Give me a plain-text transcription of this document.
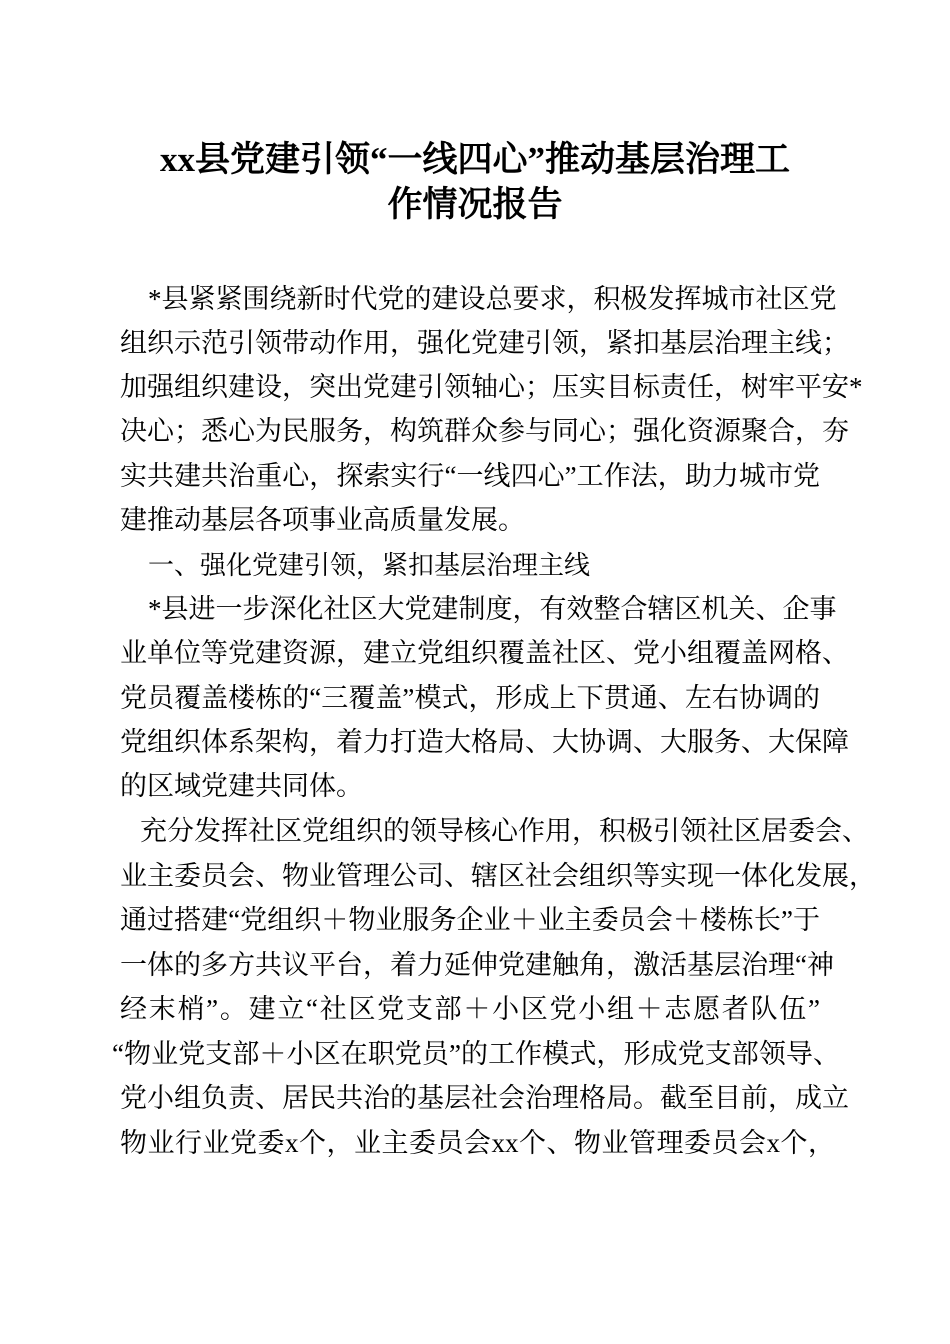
xx县党建引领“一线四心”推动基层治理工
作情况报告
*县紧紧围绕新时代党的建设总要求，积极发挥城市社区党
组织示范引领带动作用，强化党建引领，紧扣基层治理主线；
加强组织建设，突出党建引领轴心；压实目标责任，树牢平安*
决心；悉心为民服务，构筑群众参与同心；强化资源聚合，夯
实共建共治重心，探索实行“一线四心”工作法，助力城市党
建推动基层各项事业高质量发展。
一、强化党建引领，紧扣基层治理主线
*县进一步深化社区大党建制度，有效整合辖区机关、企事
业单位等党建资源，建立党组织覆盖社区、党小组覆盖网格、
党员覆盖楼栋的“三覆盖”模式，形成上下贯通、左右协调的
党组织体系架构，着力打造大格局、大协调、大服务、大保障
的区域党建共同体。
充分发挥社区党组织的领导核心作用，积极引领社区居委会、
业主委员会、物业管理公司、辖区社会组织等实现一体化发展，
通过搭建“党组织＋物业服务企业＋业主委员会＋楼栋长”于
一体的多方共议平台，着力延伸党建触角，激活基层治理“神
经末梢”。建立“社区党支部＋小区党小组＋志愿者队伍”
“物业党支部＋小区在职党员”的工作模式，形成党支部领导、
党小组负责、居民共治的基层社会治理格局。截至目前，成立
物业行业党委x个，业主委员会xx个、物业管理委员会x个，
